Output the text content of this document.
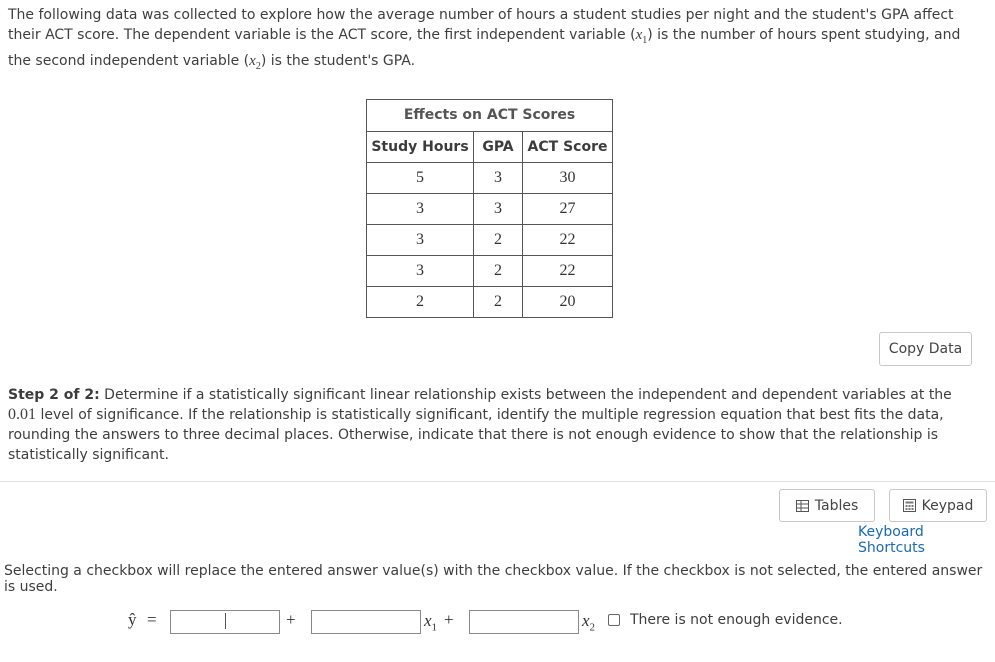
The following data was collected to explore how the average number of hours a student studies per night and the student's GPA affect their ACT score. The dependent variable is the ACT score, the first independent variable $(x_1)$ is the number of hours spent studying, and the second independent variable $(x_2)$ is the student's GPA.
Effects on ACT Scores
Study Hours	GPA	ACT Score
5	3	30
3	3	27
3	2	22
3	2	22
2	2	20
Copy Data
Step 2 of 2: Determine if a statistically significant linear relationship exists between the independent and dependent variables at the 0.01 level of significance. If the relationship is statistically significant, identify the multiple regression equation that best fits the data, rounding the answers to three decimal places. Otherwise, indicate that there is not enough evidence to show that the relationship is statistically significant.
Tables	Keypad
Keyboard Shortcuts
Selecting a checkbox will replace the entered answer value(s) with the checkbox value. If the checkbox is not selected, the entered answer is used.
ŷ =	+	$x_1$ +	$x_2$ There is not enough evidence.
